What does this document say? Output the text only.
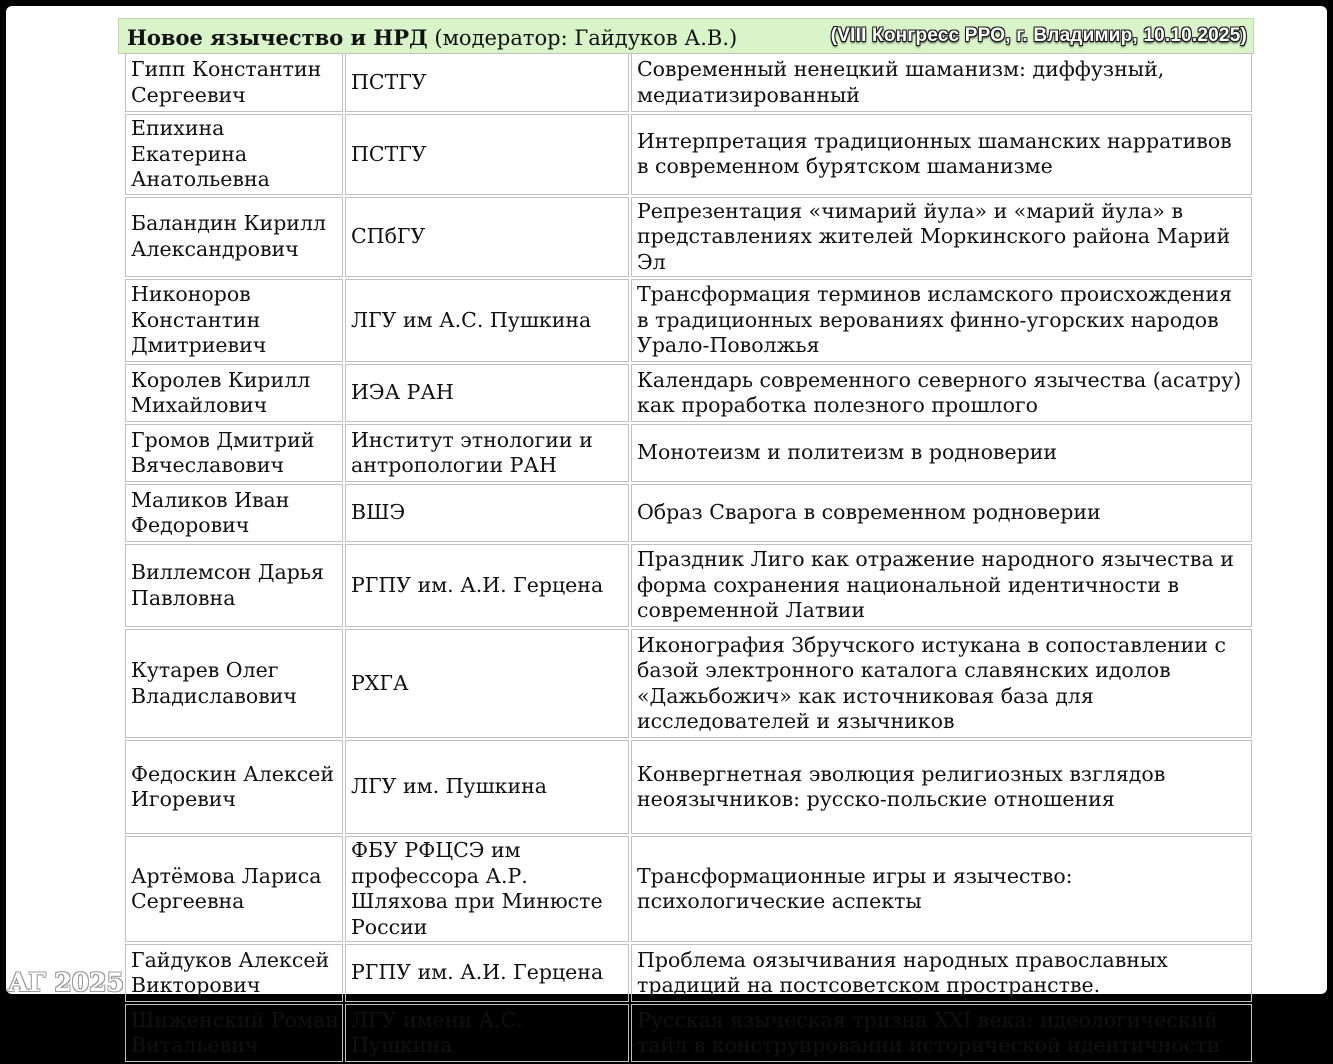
Новое язычество и НРД (модератор: Гайдуков А.В.)	(VIII Конгресс РРО, г. Владимир, 10.10.2025)
Гипп Константин Сергеевич	ПСТГУ	Современный ненецкий шаманизм: диффузный, медиатизированный
Епихина Екатерина Анатольевна	ПСТГУ	Интерпретация традиционных шаманских нарративов в современном бурятском шаманизме
Баландин Кирилл Александрович	СПбГУ	Репрезентация «чимарий йула» и «марий йула» в представлениях жителей Моркинского района Марий Эл
Никоноров Константин Дмитриевич	ЛГУ им А.С. Пушкина	Трансформация терминов исламского происхождения в традиционных верованиях финно-угорских народов Урало-Поволжья
Королев Кирилл Михайлович	ИЭА РАН	Календарь современного северного язычества (асатру) как проработка полезного прошлого
Громов Дмитрий Вячеславович	Институт этнологии и антропологии РАН	Монотеизм и политеизм в родноверии
Маликов Иван Федорович	ВШЭ	Образ Сварога в современном родноверии
Виллемсон Дарья Павловна	РГПУ им. А.И. Герцена	Праздник Лиго как отражение народного язычества и форма сохранения национальной идентичности в современной Латвии
Кутарев Олег Владиславович	РХГА	Иконография Збручского истукана в сопоставлении с базой электронного каталога славянских идолов «Дажьбожич» как источниковая база для исследователей и язычников
Федоскин Алексей Игоревич	ЛГУ им. Пушкина	Конвергнетная эволюция религиозных взглядов неоязычников: русско-польские отношения
Артёмова Лариса Сергеевна	ФБУ РФЦСЭ им профессора А.Р. Шляхова при Минюсте России	Трансформационные игры и язычество: психологические аспекты
Гайдуков Алексей Викторович	РГПУ им. А.И. Герцена	Проблема оязычивания народных православных традиций на постсоветском пространстве.
Шиженский Роман Витальевич	ЛГУ имени А.С. Пушкина	Русская языческая тризна XXI века: идеологический тайл в конструировании исторической идентичности
АГ 2025
